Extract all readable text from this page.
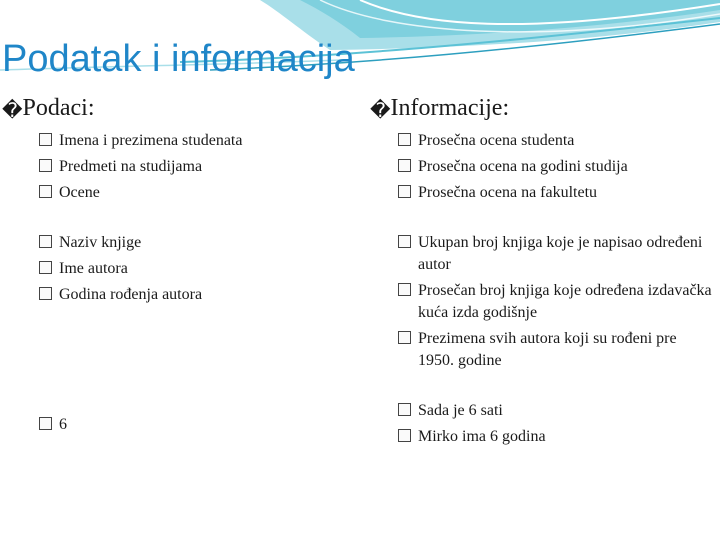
Podatak i informacija
�Podaci:
Imena i prezimena studenata
Predmeti na studijama
Ocene
Naziv knjige
Ime autora
Godina rođenja autora
6
�Informacije:
Prosečna ocena studenta
Prosečna ocena na godini studija
Prosečna ocena na fakultetu
Ukupan broj knjiga koje je napisao određeni autor
Prosečan broj knjiga koje određena izdavačka kuća izda godišnje
Prezimena svih autora koji su rođeni pre 1950. godine
Sada je 6 sati
Mirko ima 6 godina
